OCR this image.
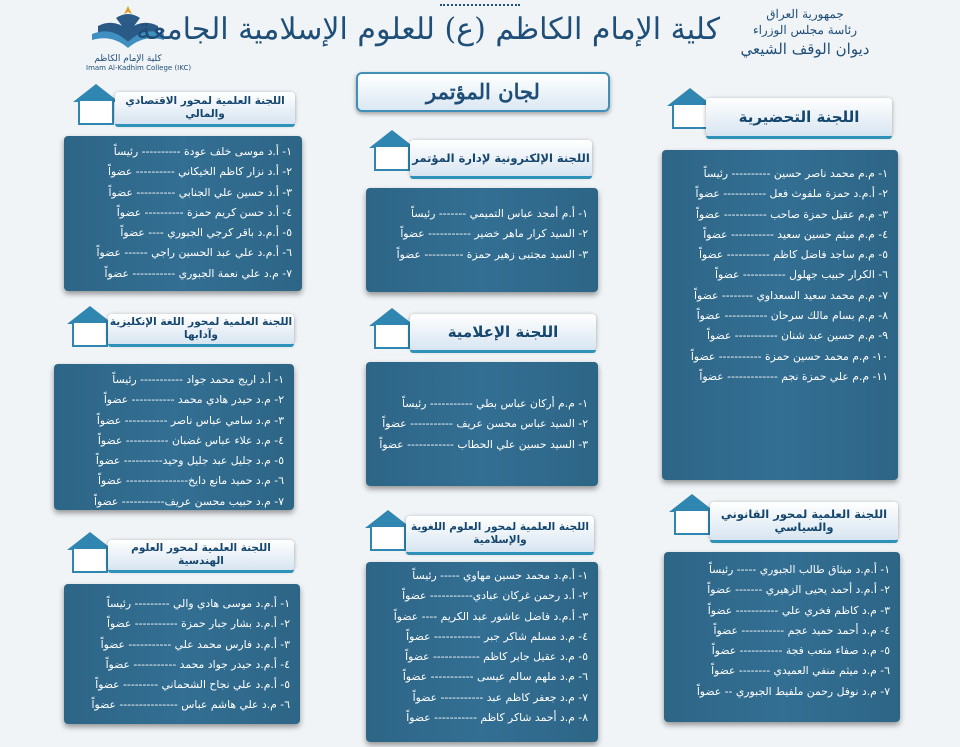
كلية الإمام الكاظم
Imam Al-Kadhim College (IKC)
كلية الإمام الكاظم (ع) للعلوم الإسلامية الجامعة	جمهورية العراق
رئاسة مجلس الوزراء
ديوان الوقف الشيعي
لجان المؤتمر
اللجنة العلمية لمحور الاقتصادي والمالي
١- أ.د موسى خلف عودة ---------- رئيساً
٢- أ.د نزار كاظم الخيكاني ---------- عضواً
٣- أ.د حسين علي الجنابي ---------- عضواً
٤- أ.د حسن كريم حمزة ---------- عضواً
٥- أ.م.د باقر كرجي الجبوري ---- عضواً
٦- أ.م.د علي عبد الحسين راجي ------ عضواً
٧- م.د علي نعمة الجبوري ----------- عضواً
اللجنة العلمية لمحور اللغة الإنكليزية وآدابها
١- أ.د اريج محمد جواد ----------- رئيساً
٢- م.د حيدر هادي محمد ----------- عضواً
٣- م.د سامي عباس ناصر ----------- عضواً
٤- م.د علاء عباس غضبان ----------- عضواً
٥- م.د جليل عبد جليل وحيد---------- عضواً
٦- م.د حميد مانع دايخ---------------- عضواً
٧- م.د حبيب محسن عريف----------- عضواً
اللجنة العلمية لمحور العلوم الهندسية
١- أ.م.د موسى هادي والي --------- رئيساً
٢- أ.م.د بشار جبار حمزة ----------- عضواً
٣- أ.م.د فارس محمد علي ----------- عضواً
٤- أ.م.د حيدر جواد محمد ----------- عضواً
٥- أ.م.د علي نجاح الشحماني --------- عضواً
٦- م.د علي هاشم عباس --------------- عضواً
اللجنة الإلكترونية لإدارة المؤتمر
١- أ.م أمجد عباس التميمي ------- رئيساً
٢- السيد كرار ماهر خضير ----------- عضواً
٣- السيد مجتبى زهير حمزة ---------- عضواً
اللجنة الإعلامية
١- م.م أركان عباس بطي ----------- رئيساً
٢- السيد عباس محسن عريف ----------- عضواً
٣- السيد حسين علي الحطاب ------------ عضواً
اللجنة العلمية لمحور العلوم اللغوية والإسلامية
١- أ.م.د محمد حسين مهاوي ----- رئيساً
٢- أ.د رحمن غركان عبادي----------- عضواً
٣- أ.م.د فاضل عاشور عبد الكريم ---- عضواً
٤- م.د مسلم شاكر جبر ------------ عضواً
٥- م.د عقيل جابر كاظم ------------ عضواً
٦- م.د ملهم سالم عيسى ----------- عضواً
٧- م.د جعفر كاظم عبد ----------- عضواً
٨- م.د أحمد شاكر كاظم ----------- عضواً
اللجنة التحضيرية
١- م.م محمد ناصر حسين ---------- رئيساً
٢- أ.م.د حمزة ملفوث فعل ----------- عضواً
٣- م.م عقيل حمزة صاحب ----------- عضواً
٤- م.م ميثم حسين سعيد ----------- عضواً
٥- م.م ساجد فاضل كاظم ----------- عضواً
٦- الكرار حبيب جهلول ----------- عضواً
٧- م.م محمد سعيد السعداوي -------- عضواً
٨- م.م بسام مالك سرحان ----------- عضواً
٩- م.م حسين عبد شنان ----------- عضواً
١٠- م.م محمد حسين حمزة ----------- عضواً
١١- م.م علي حمزة نجم ------------- عضواً
اللجنة العلمية لمحور القانوني والسياسي
١- أ.م.د ميثاق طالب الجبوري ----- رئيساً
٢- أ.م.د أحمد يحيى الزهيري ------- عضواً
٣- م.د كاظم فخري علي ----------- عضواً
٤- م.د أحمد حميد عجم ----------- عضواً
٥- م.د صفاء متعب فجة ----------- عضواً
٦- م.د ميثم منفي العميدي -------- عضواً
٧- م.د نوفل رحمن ملفيط الجبوري -- عضواً
